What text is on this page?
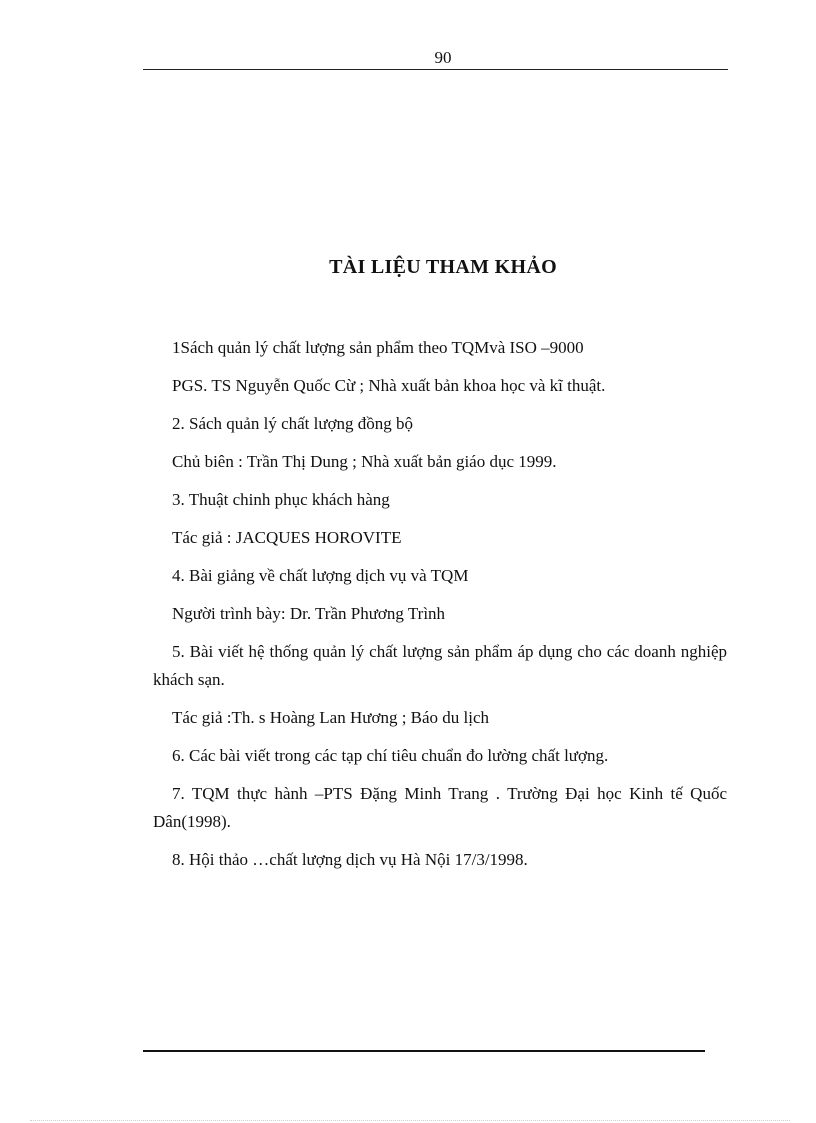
90
TÀI LIỆU THAM KHẢO

1Sách quản lý chất lượng sản phẩm theo TQMvà ISO –9000

PGS. TS Nguyễn Quốc Cừ ; Nhà xuất bản khoa học và kĩ thuật.

2. Sách quản lý chất lượng đồng bộ

Chủ biên : Trần Thị Dung ; Nhà xuất bản giáo dục 1999.

3. Thuật chinh phục khách hàng

Tác giả : JACQUES HOROVITE

4. Bài giảng về chất lượng dịch vụ và TQM

Người trình bày: Dr. Trần Phương Trình

5. Bài viết hệ thống quản lý chất lượng sản phẩm áp dụng cho các doanh nghiệp khách sạn.

Tác giả :Th. s Hoàng Lan Hương ; Báo du lịch

6. Các bài viết trong các tạp chí tiêu chuẩn đo lường chất lượng.

7. TQM thực hành –PTS Đặng Minh Trang . Trường Đại học Kinh tế Quốc Dân(1998).

8. Hội thảo …chất lượng dịch vụ Hà Nội 17/3/1998.
